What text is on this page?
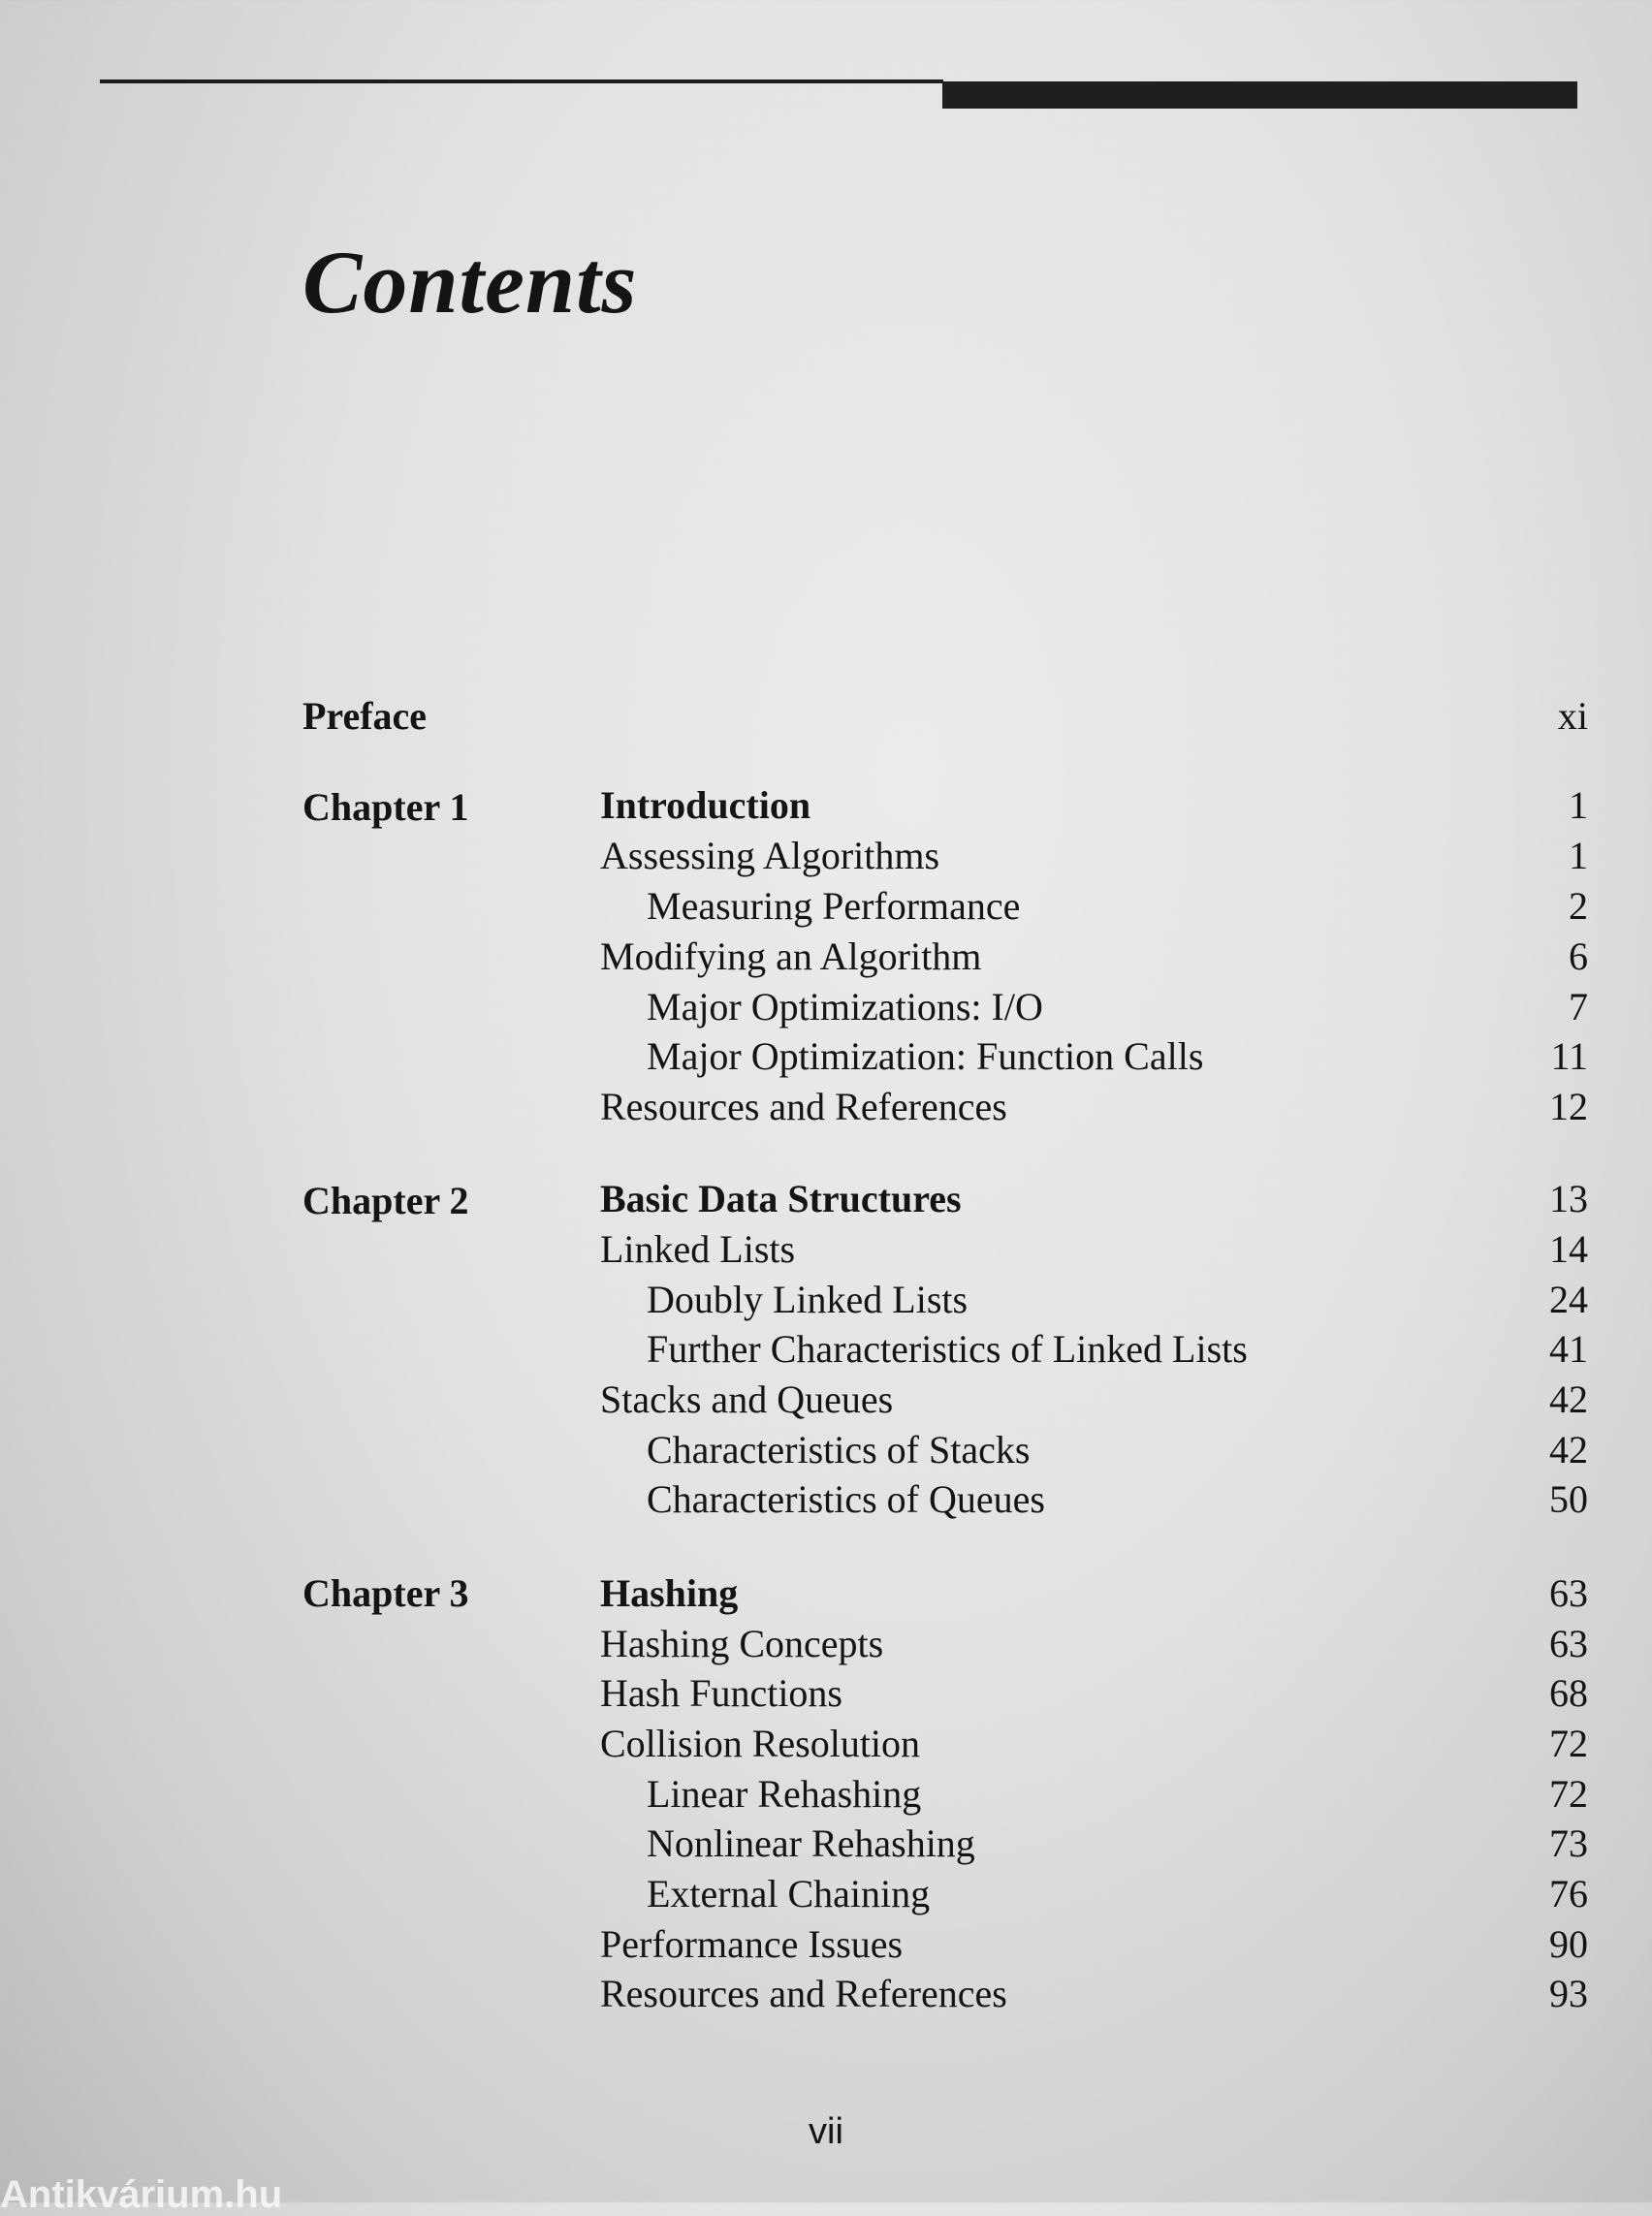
Contents
Preface	xi
Chapter 1	Introduction	1
Assessing Algorithms	1
Measuring Performance	2
Modifying an Algorithm	6
Major Optimizations: I/O	7
Major Optimization: Function Calls	11
Resources and References	12
Chapter 2	Basic Data Structures	13
Linked Lists	14
Doubly Linked Lists	24
Further Characteristics of Linked Lists	41
Stacks and Queues	42
Characteristics of Stacks	42
Characteristics of Queues	50
Chapter 3	Hashing	63
Hashing Concepts	63
Hash Functions	68
Collision Resolution	72
Linear Rehashing	72
Nonlinear Rehashing	73
External Chaining	76
Performance Issues	90
Resources and References	93
vii
Antikvárium.hu
